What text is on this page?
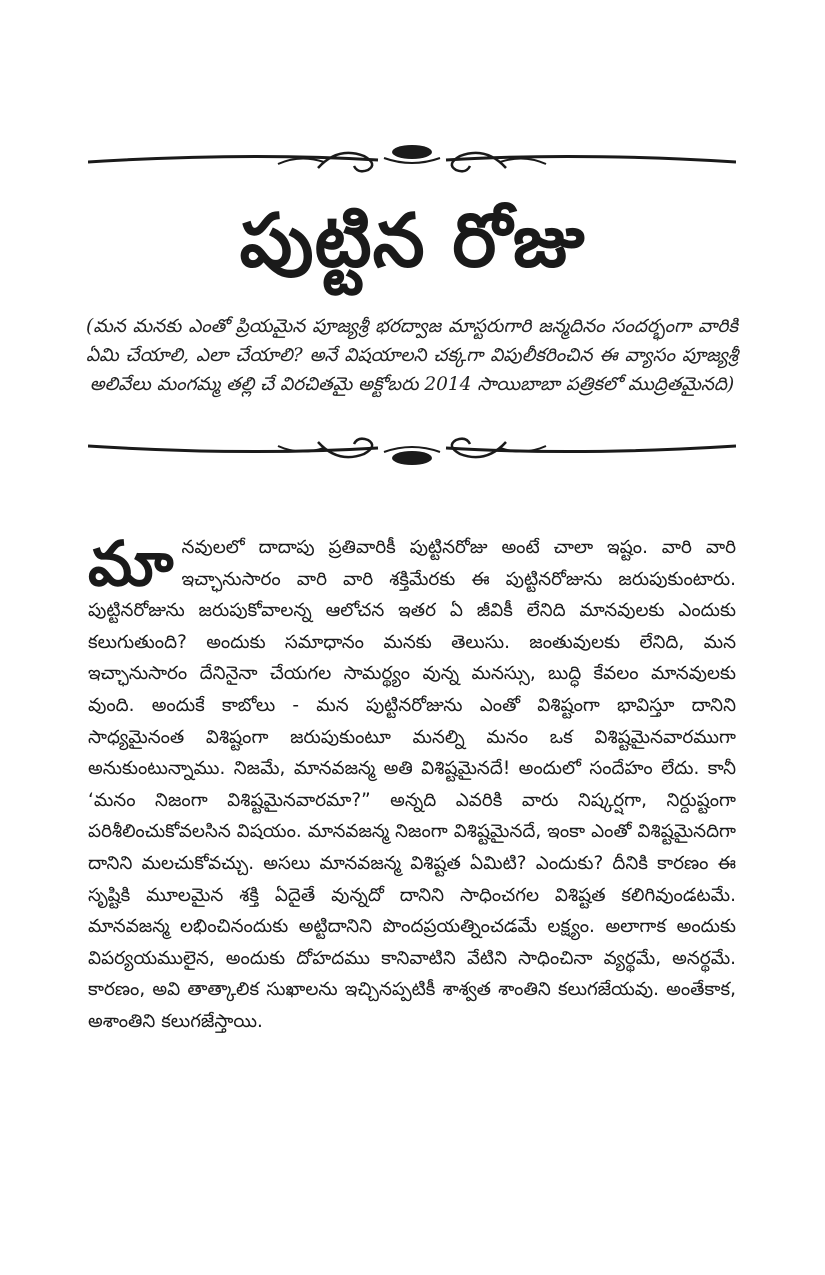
పుట్టిన రోజు
(మన మనకు ఎంతో ప్రియమైన పూజ్యశ్రీ భరద్వాజ మాస్టరుగారి జన్మదినం సందర్భంగా వారికి ఏమి చేయాలి, ఎలా చేయాలి? అనే విషయాలని చక్కగా విపులీకరించిన ఈ వ్యాసం పూజ్యశ్రీ అలివేలు మంగమ్మ తల్లి చే విరచితమై అక్టోబరు 2014 సాయిబాబా పత్రికలో ముద్రితమైనది)
మానవులలో దాదాపు ప్రతివారికీ పుట్టినరోజు అంటే చాలా ఇష్టం. వారి వారి ఇచ్ఛానుసారం వారి వారి శక్తిమేరకు ఈ పుట్టినరోజును జరుపుకుంటారు. పుట్టినరోజును జరుపుకోవాలన్న ఆలోచన ఇతర ఏ జీవికీ లేనిది మానవులకు ఎందుకు కలుగుతుంది? అందుకు సమాధానం మనకు తెలుసు. జంతువులకు లేనిది, మన ఇచ్ఛానుసారం దేనినైనా చేయగల సామర్థ్యం వున్న మనస్సు, బుద్ధి కేవలం మానవులకు వుంది. అందుకే కాబోలు - మన పుట్టినరోజును ఎంతో విశిష్టంగా భావిస్తూ దానిని సాధ్యమైనంత విశిష్టంగా జరుపుకుంటూ మనల్ని మనం ఒక విశిష్టమైనవారముగా అనుకుంటున్నాము. నిజమే, మానవజన్మ అతి విశిష్టమైనదే! అందులో సందేహం లేదు. కానీ ‘మనం నిజంగా విశిష్టమైనవారమా?” అన్నది ఎవరికి వారు నిష్కర్షగా, నిర్దుష్టంగా పరిశీలించుకోవలసిన విషయం. మానవజన్మ నిజంగా విశిష్టమైనదే, ఇంకా ఎంతో విశిష్టమైనదిగా దానిని మలచుకోవచ్చు. అసలు మానవజన్మ విశిష్టత ఏమిటి? ఎందుకు? దీనికి కారణం ఈ సృష్టికి మూలమైన శక్తి ఏదైతే వున్నదో దానిని సాధించగల విశిష్టత కలిగివుండటమే. మానవజన్మ లభించినందుకు అట్టిదానిని పొందప్రయత్నించడమే లక్ష్యం. అలాగాక అందుకు విపర్యయములైన, అందుకు దోహదము కానివాటిని వేటిని సాధించినా వ్యర్థమే, అనర్థమే. కారణం, అవి తాత్కాలిక సుఖాలను ఇచ్చినప్పటికీ శాశ్వత శాంతిని కలుగజేయవు. అంతేకాక, అశాంతిని కలుగజేస్తాయి.
